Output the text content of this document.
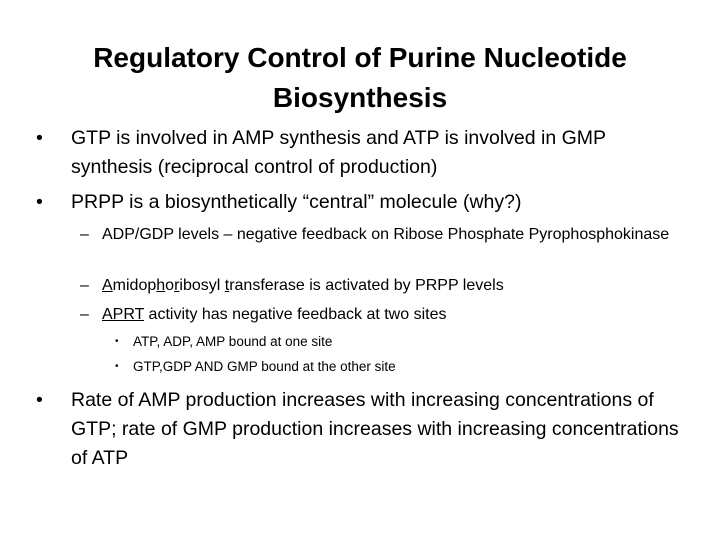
Regulatory Control of Purine Nucleotide
Biosynthesis
•	GTP is involved in AMP synthesis and ATP is involved in GMP synthesis (reciprocal control of production)
•	PRPP is a biosynthetically “central” molecule (why?)
– ADP/GDP levels – negative feedback on Ribose Phosphate Pyrophosphokinase
– Amidophoribosyl transferase is activated by PRPP levels
– APRT activity has negative feedback at two sites
• ATP, ADP, AMP bound at one site
• GTP,GDP AND GMP bound at the other site
•	Rate of AMP production increases with increasing concentrations of GTP; rate of GMP production increases with increasing concentrations of ATP
